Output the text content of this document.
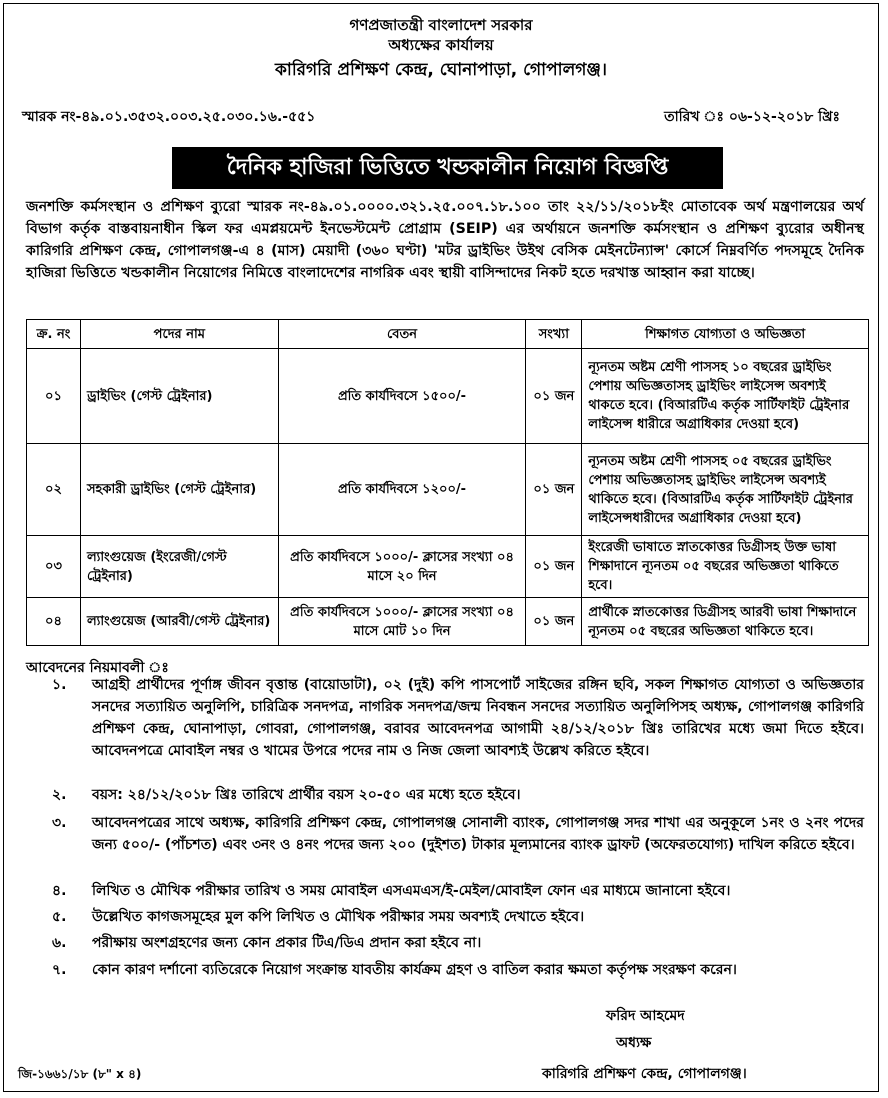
গণপ্রজাতন্ত্রী বাংলাদেশ সরকার
অধ্যক্ষের কার্যালয়
কারিগরি প্রশিক্ষণ কেন্দ্র, ঘোনাপাড়া, গোপালগঞ্জ।
স্মারক নং-৪৯.০১.৩৫৩২.০০৩.২৫.০৩০.১৬.-৫৫১	তারিখ ঃ ০৬-১২-২০১৮ খ্রিঃ
দৈনিক হাজিরা ভিত্তিতে খন্ডকালীন নিয়োগ বিজ্ঞপ্তি
জনশক্তি কর্মসংস্থান ও প্রশিক্ষণ ব্যুরো স্মারক নং-৪৯.০১.০০০০.৩২১.২৫.০০৭.১৮.১০০ তাং ২২/১১/২০১৮ইং মোতাবেক অর্থ মন্ত্রণালয়ের অর্থ বিভাগ কর্তৃক বাস্তবায়নাধীন স্কিল ফর এমপ্লয়মেন্ট ইনভেস্টমেন্ট প্রোগ্রাম (SEIP) এর অর্থায়নে জনশক্তি কর্মসংস্থান ও প্রশিক্ষণ ব্যুরোর অধীনস্থ কারিগরি প্রশিক্ষণ কেন্দ্র, গোপালগঞ্জ-এ ৪ (মাস) মেয়াদী (৩৬০ ঘণ্টা) 'মটর ড্রাইভিং উইথ বেসিক মেইনটেন্যান্স' কোর্সে নিম্নবর্ণিত পদসমূহে দৈনিক হাজিরা ভিত্তিতে খন্ডকালীন নিয়োগের নিমিত্তে বাংলাদেশের নাগরিক এবং স্থায়ী বাসিন্দাদের নিকট হতে দরখাস্ত আহ্বান করা যাচ্ছে।
ক্র. নং	পদের নাম	বেতন	সংখ্যা	শিক্ষাগত যোগ্যতা ও অভিজ্ঞতা
০১	ড্রাইভিং (গেস্ট ট্রেইনার)	প্রতি কার্যদিবসে ১৫০০/-	০১ জন	ন্যূনতম অষ্টম শ্রেণী পাসসহ ১০ বছরের ড্রাইভিং পেশায় অভিজ্ঞতাসহ ড্রাইভিং লাইসেন্স অবশ্যই থাকতে হবে। (বিআরটিএ কর্তৃক সার্টিফাইট ট্রেইনার লাইসেন্স ধারীরে অগ্রাধিকার দেওয়া হবে)
০২	সহকারী ড্রাইভিং (গেস্ট ট্রেইনার)	প্রতি কার্যদিবসে ১২০০/-	০১ জন	ন্যূনতম অষ্টম শ্রেণী পাসসহ ০৫ বছরের ড্রাইভিং পেশায় অভিজ্ঞতাসহ ড্রাইভিং লাইসেন্স অবশ্যই থাকিতে হবে। (বিআরটিএ কর্তৃক সার্টিফাইট ট্রেইনার লাইসেন্সধারীদের অগ্রাধিকার দেওয়া হবে)
০৩	ল্যাংগুয়েজ (ইংরেজী/গেস্ট ট্রেইনার)	প্রতি কার্যদিবসে ১০০০/- ক্লাসের সংখ্যা ০৪ মাসে ২০ দিন	০১ জন	ইংরেজী ভাষাতে স্নাতকোত্তর ডিগ্রীসহ উক্ত ভাষা শিক্ষাদানে ন্যূনতম ০৫ বছরের অভিজ্ঞতা থাকিতে হবে।
০৪	ল্যাংগুয়েজ (আরবী/গেস্ট ট্রেইনার)	প্রতি কার্যদিবসে ১০০০/- ক্লাসের সংখ্যা ০৪ মাসে মোট ১০ দিন	০১ জন	প্রার্থীকে স্নাতকোত্তর ডিগ্রীসহ আরবী ভাষা শিক্ষাদানে ন্যূনতম ০৫ বছরের অভিজ্ঞতা থাকিতে হবে।
আবেদনের নিয়মাবলী ঃ
১.	আগ্রহী প্রার্থীদের পূর্ণাঙ্গ জীবন বৃত্তান্ত (বায়োডাটা), ০২ (দুই) কপি পাসপোর্ট সাইজের রঙ্গিন ছবি, সকল শিক্ষাগত যোগ্যতা ও অভিজ্ঞতার সনদের সত্যায়িত অনুলিপি, চারিত্রিক সনদপত্র, নাগরিক সনদপত্র/জন্ম নিবন্ধন সনদের সত্যায়িত অনুলিপিসহ অধ্যক্ষ, গোপালগঞ্জ কারিগরি প্রশিক্ষণ কেন্দ্র, ঘোনাপাড়া, গোবরা, গোপালগঞ্জ, বরাবর আবেদনপত্র আগামী ২৪/১২/২০১৮ খ্রিঃ তারিখের মধ্যে জমা দিতে হইবে। আবেদনপত্রে মোবাইল নম্বর ও খামের উপরে পদের নাম ও নিজ জেলা আবশ্যই উল্লেখ করিতে হইবে।
২.	বয়স: ২৪/১২/২০১৮ খ্রিঃ তারিখে প্রার্থীর বয়স ২০-৫০ এর মধ্যে হতে হইবে।
৩.	আবেদনপত্রের সাথে অধ্যক্ষ, কারিগরি প্রশিক্ষণ কেন্দ্র, গোপালগঞ্জ সোনালী ব্যাংক, গোপালগঞ্জ সদর শাখা এর অনুকূলে ১নং ও ২নং পদের জন্য ৫০০/- (পাঁচশত) এবং ৩নং ও ৪নং পদের জন্য ২০০ (দুইশত) টাকার মূল্যমানের ব্যাংক ড্রাফট (অফেরতযোগ্য) দাখিল করিতে হইবে।
৪.	লিখিত ও মৌখিক পরীক্ষার তারিখ ও সময় মোবাইল এসএমএস/ই-মেইল/মোবাইল ফোন এর মাধ্যমে জানানো হইবে।
৫.	উল্লেখিত কাগজসমূহের মুল কপি লিখিত ও মৌখিক পরীক্ষার সময় অবশ্যই দেখাতে হইবে।
৬.	পরীক্ষায় অংশগ্রহণের জন্য কোন প্রকার টিএ/ডিএ প্রদান করা হইবে না।
৭.	কোন কারণ দর্শানো ব্যতিরেকে নিয়োগ সংক্রান্ত যাবতীয় কার্যক্রম গ্রহণ ও বাতিল করার ক্ষমতা কর্তৃপক্ষ সংরক্ষণ করেন।
ফরিদ আহমেদ
অধ্যক্ষ
কারিগরি প্রশিক্ষণ কেন্দ্র, গোপালগঞ্জ।
জি-১৬৬১/১৮ (৮" x ৪)
